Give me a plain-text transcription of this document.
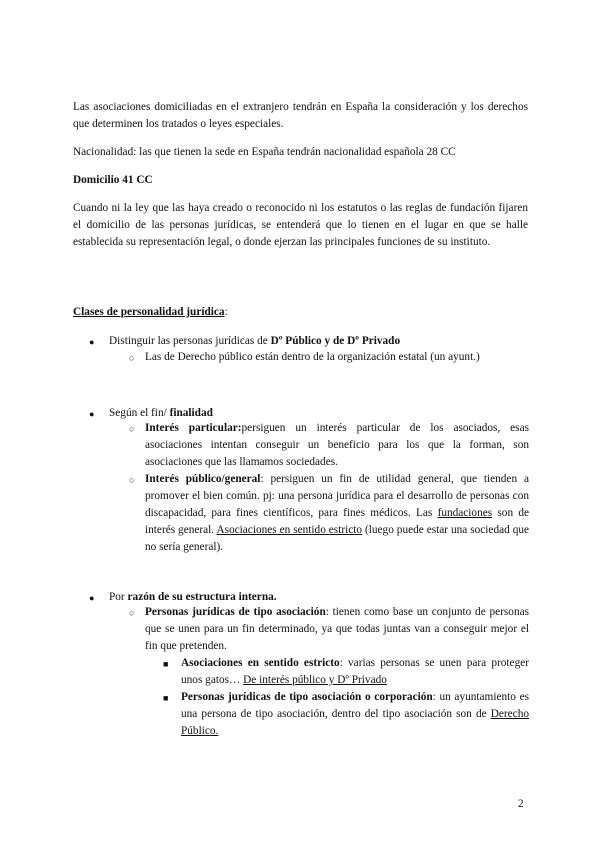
Las asociaciones domiciliadas en el extranjero tendrán en España la consideración y los derechos que determinen los tratados o leyes especiales.

Nacionalidad: las que tienen la sede en España tendrán nacionalidad española 28 CC

Domicilio 41 CC

Cuando ni la ley que las haya creado o reconocido ni los estatutos o las reglas de fundación fijaren el domicilio de las personas jurídicas, se entenderá que lo tienen en el lugar en que se halle establecida su representación legal, o donde ejerzan las principales funciones de su instituto.

Clases de personalidad jurídica:

● Distinguir las personas jurídicas de Dº Público y de Dº Privado

○ Las de Derecho público están dentro de la organización estatal (un ayunt.)

● Según el fin/ finalidad

○ Interés particular:persiguen un interés particular de los asociados, esas asociaciones intentan conseguir un beneficio para los que la forman, son asociaciones que las llamamos sociedades.

○ Interés público/general: persiguen un fin de utilidad general, que tienden a promover el bien común. pj: una persona jurídica para el desarrollo de personas con discapacidad, para fines científicos, para fines médicos. Las fundaciones son de interés general. Asociaciones en sentido estricto (luego puede estar una sociedad que no sería general).

● Por razón de su estructura interna.

○ Personas jurídicas de tipo asociación: tienen como base un conjunto de personas que se unen para un fin determinado, ya que todas juntas van a conseguir mejor el fin que pretenden.

■ Asociaciones en sentido estricto: varias personas se unen para proteger unos gatos… De interés público y Dº Privado

■ Personas jurídicas de tipo asociación o corporación: un ayuntamiento es una persona de tipo asociación, dentro del tipo asociación son de Derecho Público.

2
